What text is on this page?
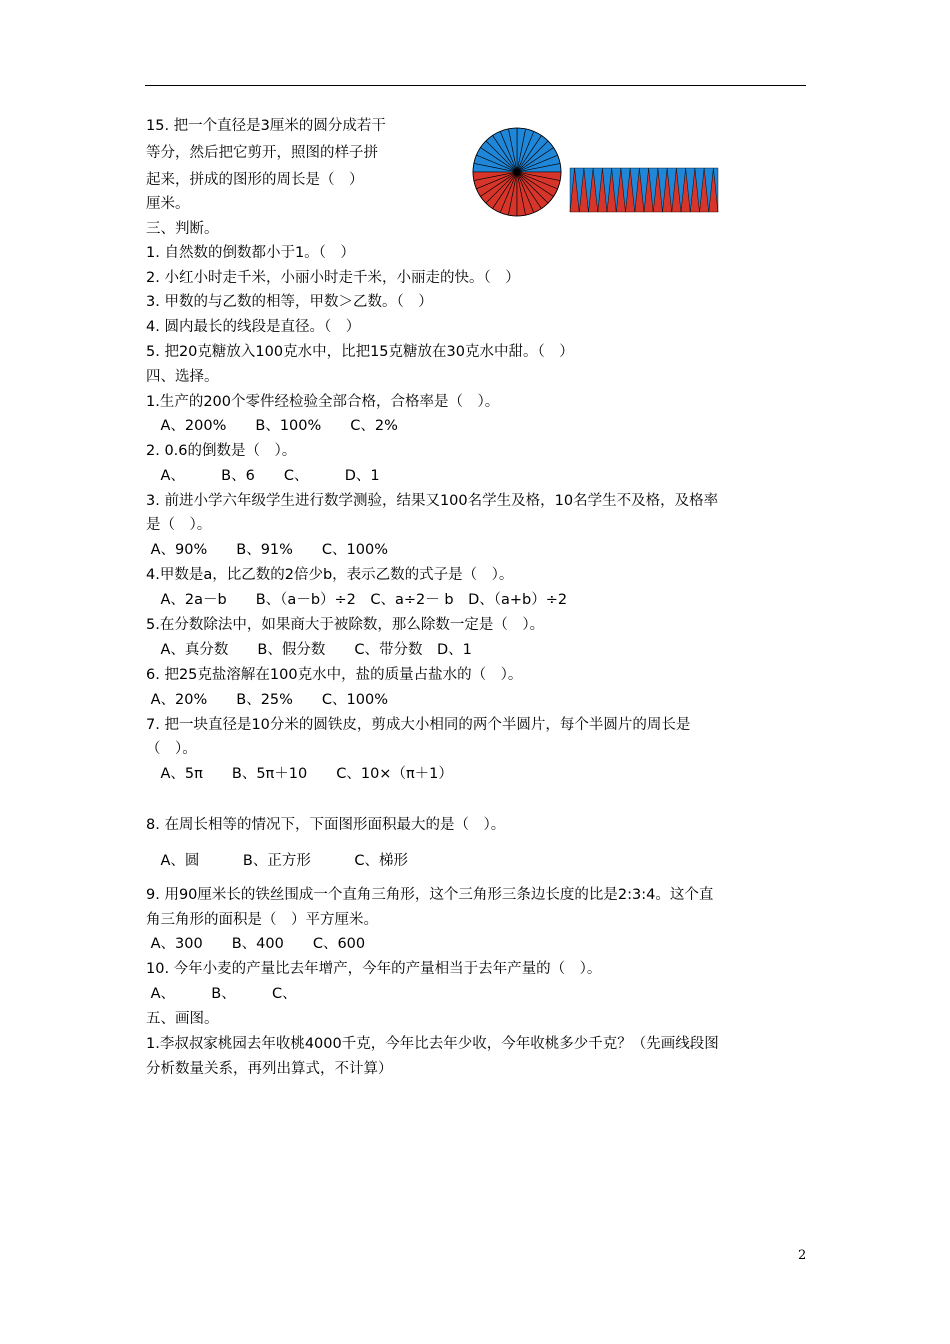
15. 把一个直径是3厘米的圆分成若干
等分，然后把它剪开，照图的样子拼
起来，拼成的图形的周长是（　）
厘米。
三、判断。
1. 自然数的倒数都小于1。（　）
2. 小红小时走千米，小丽小时走千米，小丽走的快。（　）
3. 甲数的与乙数的相等，甲数＞乙数。（　）
4. 圆内最长的线段是直径。（　）
5. 把20克糖放入100克水中，比把15克糖放在30克水中甜。（　）
四、选择。
1.生产的200个零件经检验全部合格，合格率是（　）。
　A、200%　　B、100%　　C、2%
2. 0.6的倒数是（　）。
　A、　　　B、6　　C、　　　D、1
3. 前进小学六年级学生进行数学测验，结果又100名学生及格，10名学生不及格，及格率
是（　）。
A、90%　　B、91%　　C、100%
4.甲数是a，比乙数的2倍少b，表示乙数的式子是（　）。
　A、2a－b　　B、（a－b）÷2　C、a÷2－ b　D、（a+b）÷2
5.在分数除法中，如果商大于被除数，那么除数一定是（　）。
　A、真分数　　B、假分数　　C、带分数　D、1
6. 把25克盐溶解在100克水中，盐的质量占盐水的（　）。
A、20%　　B、25%　　C、100%
7. 把一块直径是10分米的圆铁皮，剪成大小相同的两个半圆片，每个半圆片的周长是
（　）。
　A、5π　　B、5π＋10　　C、10×（π＋1）
8. 在周长相等的情况下，下面图形面积最大的是（　）。
　A、圆　　　B、正方形　　　C、梯形
9. 用90厘米长的铁丝围成一个直角三角形，这个三角形三条边长度的比是2:3:4。这个直
角三角形的面积是（　）平方厘米。
A、300　　B、400　　C、600
10. 今年小麦的产量比去年增产，今年的产量相当于去年产量的（　）。
A、　　　B、　　　C、
五、画图。
1.李叔叔家桃园去年收桃4000千克，今年比去年少收，今年收桃多少千克？（先画线段图
分析数量关系，再列出算式，不计算）
2
